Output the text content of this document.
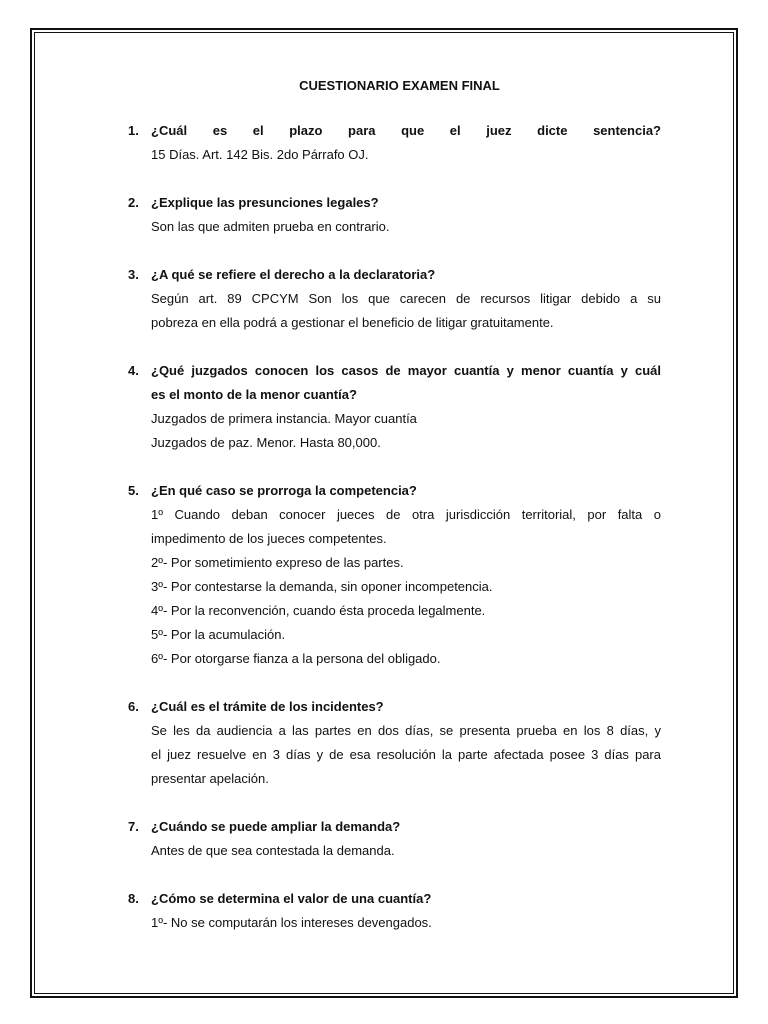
CUESTIONARIO EXAMEN FINAL
1. ¿Cuál es el plazo para que el juez dicte sentencia?
15 Días. Art. 142 Bis. 2do Párrafo OJ.
2. ¿Explique las presunciones legales?
Son las que admiten prueba en contrario.
3. ¿A qué se refiere el derecho a la declaratoria?
Según art. 89 CPCYM Son los que carecen de recursos litigar debido a su
pobreza en ella podrá a gestionar el beneficio de litigar gratuitamente.
4. ¿Qué juzgados conocen los casos de mayor cuantía y menor cuantía y cuál
es el monto de la menor cuantía?
Juzgados de primera instancia. Mayor cuantía
Juzgados de paz. Menor. Hasta 80,000.
5. ¿En qué caso se prorroga la competencia?
1º Cuando deban conocer jueces de otra jurisdicción territorial, por falta o
impedimento de los jueces competentes.
2º- Por sometimiento expreso de las partes.
3º- Por contestarse la demanda, sin oponer incompetencia.
4º- Por la reconvención, cuando ésta proceda legalmente.
5º- Por la acumulación.
6º- Por otorgarse fianza a la persona del obligado.
6. ¿Cuál es el trámite de los incidentes?
Se les da audiencia a las partes en dos días, se presenta prueba en los 8 días, y
el juez resuelve en 3 días y de esa resolución la parte afectada posee 3 días para
presentar apelación.
7. ¿Cuándo se puede ampliar la demanda?
Antes de que sea contestada la demanda.
8. ¿Cómo se determina el valor de una cuantía?
1º- No se computarán los intereses devengados.
